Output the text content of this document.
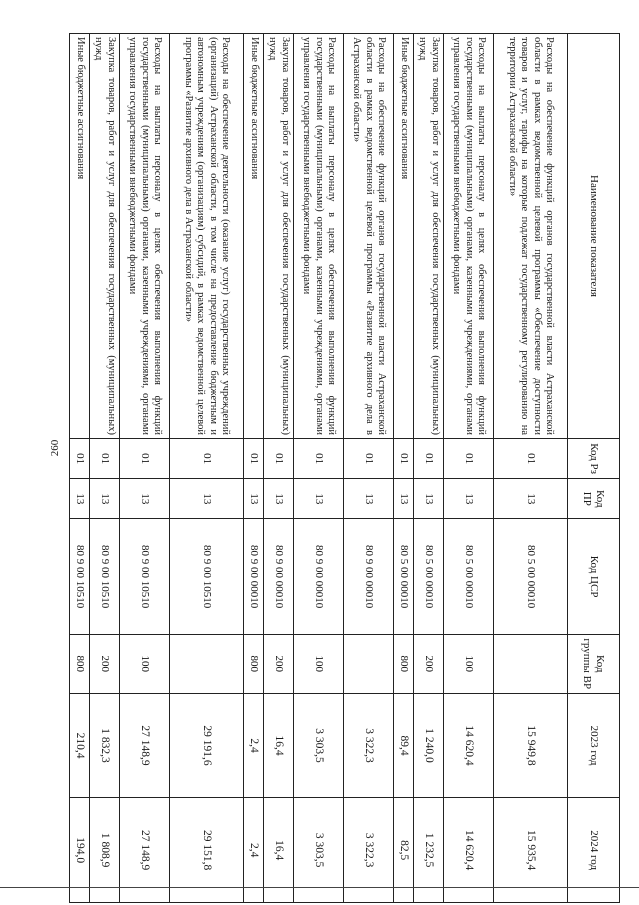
260
Наименование показателя	Код Рз	Код ПР	Код ЦСР	Код группы ВР	2023 год	2024 год
Расходы на обеспечение функций органов государственной власти Астраханской области в рамках ведомственной целевой программы «Обеспечение доступности товаров и услуг, тарифы на которые подлежат государственному регулированию на территории Астраханской области»	01	13	80 5 00 00010		15 949,8	15 935,4
Расходы на выплаты персоналу в целях обеспечения выполнения функций государственными (муниципальными) органами, казенными учреждениями, органами управления государственными внебюджетными фондами	01	13	80 5 00 00010	100	14 620,4	14 620,4
Закупка товаров, работ и услуг для обеспечения государственных (муниципальных) нужд	01	13	80 5 00 00010	200	1 240,0	1 232,5
Иные бюджетные ассигнования	01	13	80 5 00 00010	800	89,4	82,5
Расходы на обеспечение функций органов государственной власти Астраханской области в рамках ведомственной целевой программы «Развитие архивного дела в Астраханской области»	01	13	80 9 00 00010		3 322,3	3 322,3
Расходы на выплаты персоналу в целях обеспечения выполнения функций государственными (муниципальными) органами, казенными учреждениями, органами управления государственными внебюджетными фондами	01	13	80 9 00 00010	100	3 303,5	3 303,5
Закупка товаров, работ и услуг для обеспечения государственных (муниципальных) нужд	01	13	80 9 00 00010	200	16,4	16,4
Иные бюджетные ассигнования	01	13	80 9 00 00010	800	2,4	2,4
Расходы на обеспечение деятельности (оказание услуг) государственных учреждений (организаций) Астраханской области, в том числе на предоставление бюджетным и автономным учреждениям (организациям) субсидий, в рамках ведомственной целевой программы «Развитие архивного дела в Астраханской области»	01	13	80 9 00 10510		29 191,6	29 151,8
Расходы на выплаты персоналу в целях обеспечения выполнения функций государственными (муниципальными) органами, казенными учреждениями, органами управления государственными внебюджетными фондами	01	13	80 9 00 10510	100	27 148,9	27 148,9
Закупка товаров, работ и услуг для обеспечения государственных (муниципальных) нужд	01	13	80 9 00 10510	200	1 832,3	1 808,9
Иные бюджетные ассигнования	01	13	80 9 00 10510	800	210,4	194,0
